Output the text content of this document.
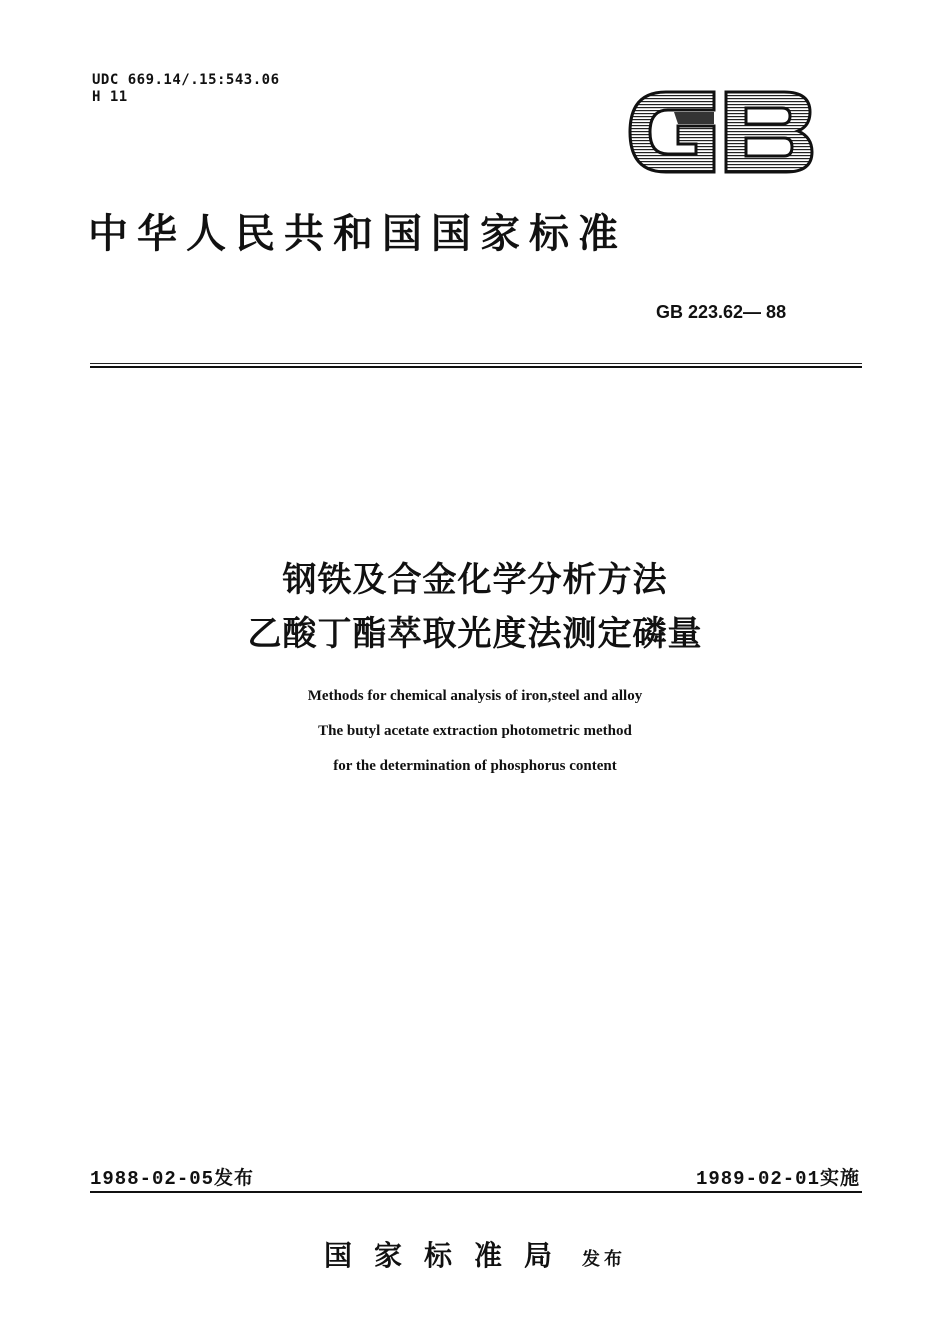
UDC 669.14/.15:543.06
H 11
中华人民共和国国家标准
GB 223.62— 88
钢铁及合金化学分析方法
乙酸丁酯萃取光度法测定磷量
Methods for chemical analysis of iron,steel and alloy
The butyl acetate extraction photometric method
for the determination of phosphorus content
1988-02-05发布	1989-02-01实施
国家标准局 发布
